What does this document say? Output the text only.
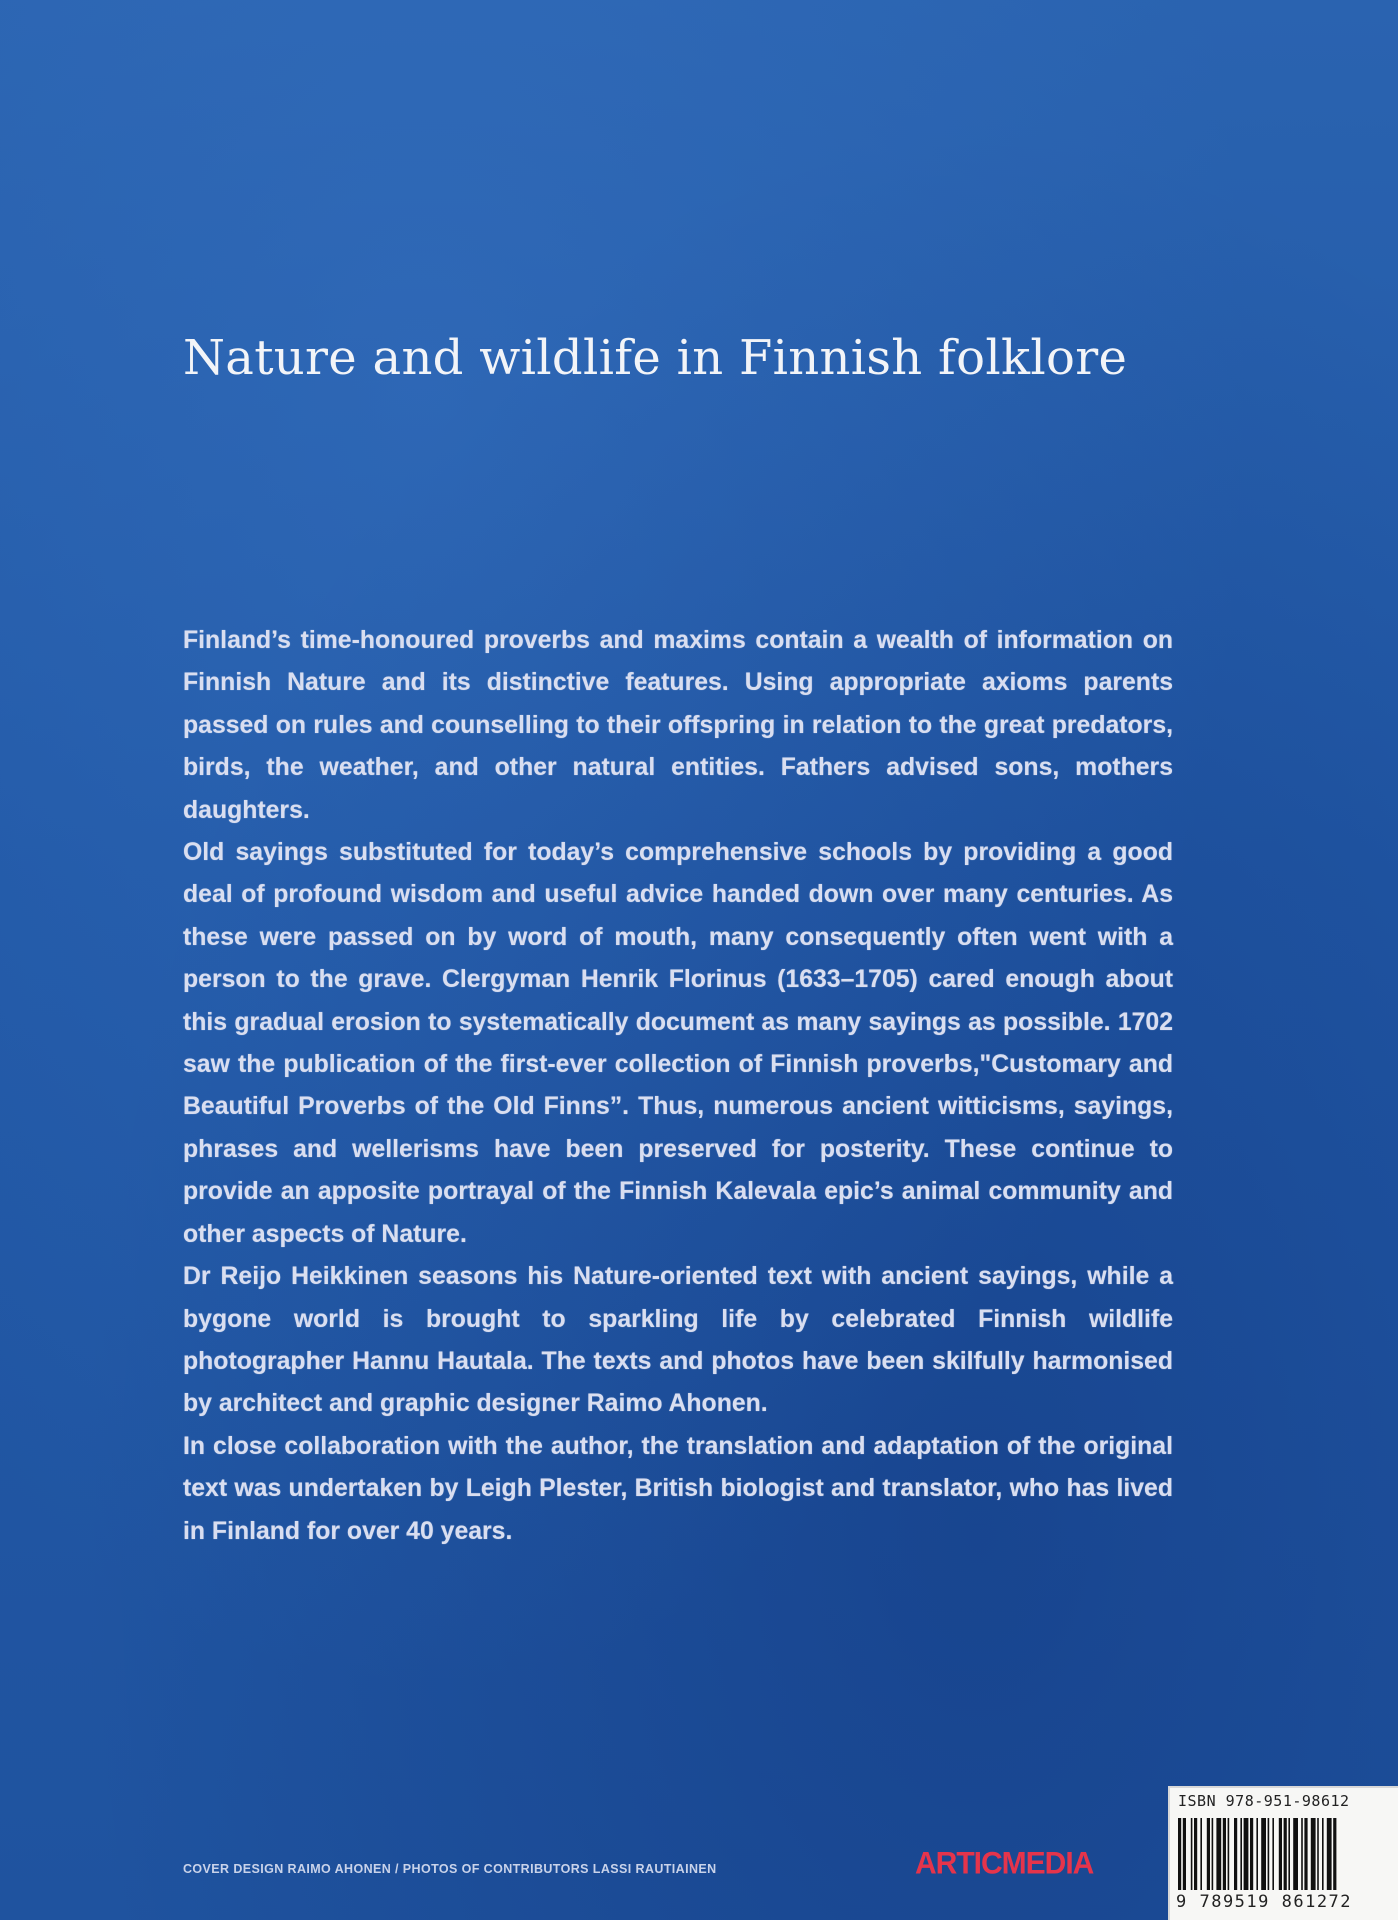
Nature and wildlife in Finnish folklore

Finland’s time-honoured proverbs and maxims contain a wealth of information on Finnish Nature and its distinctive features. Using appropriate axioms parents passed on rules and counselling to their offspring in relation to the great predators, birds, the weather, and other natural entities. Fathers advised sons, mothers daughters.

Old sayings substituted for today’s comprehensive schools by providing a good deal of profound wisdom and useful advice handed down over many centuries. As these were passed on by word of mouth, many consequently often went with a person to the grave. Clergyman Henrik Florinus (1633–1705) cared enough about this gradual erosion to systematically document as many sayings as possible. 1702 saw the publication of the first-ever collection of Finnish proverbs,"Customary and Beautiful Proverbs of the Old Finns”. Thus, numerous ancient witticisms, sayings, phrases and wellerisms have been preserved for posterity. These continue to provide an apposite portrayal of the Finnish Kalevala epic’s animal community and other aspects of Nature.

Dr Reijo Heikkinen seasons his Nature-oriented text with ancient sayings, while a bygone world is brought to sparkling life by celebrated Finnish wildlife photographer Hannu Hautala. The texts and photos have been skilfully harmonised by architect and graphic designer Raimo Ahonen.

In close collaboration with the author, the translation and adaptation of the original text was undertaken by Leigh Plester, British biologist and translator, who has lived in Finland for over 40 years.

COVER DESIGN RAIMO AHONEN / PHOTOS OF CONTRIBUTORS LASSI RAUTIAINEN	ARTICMEDIA
ISBN 978-951-98612
9 789519 861272
